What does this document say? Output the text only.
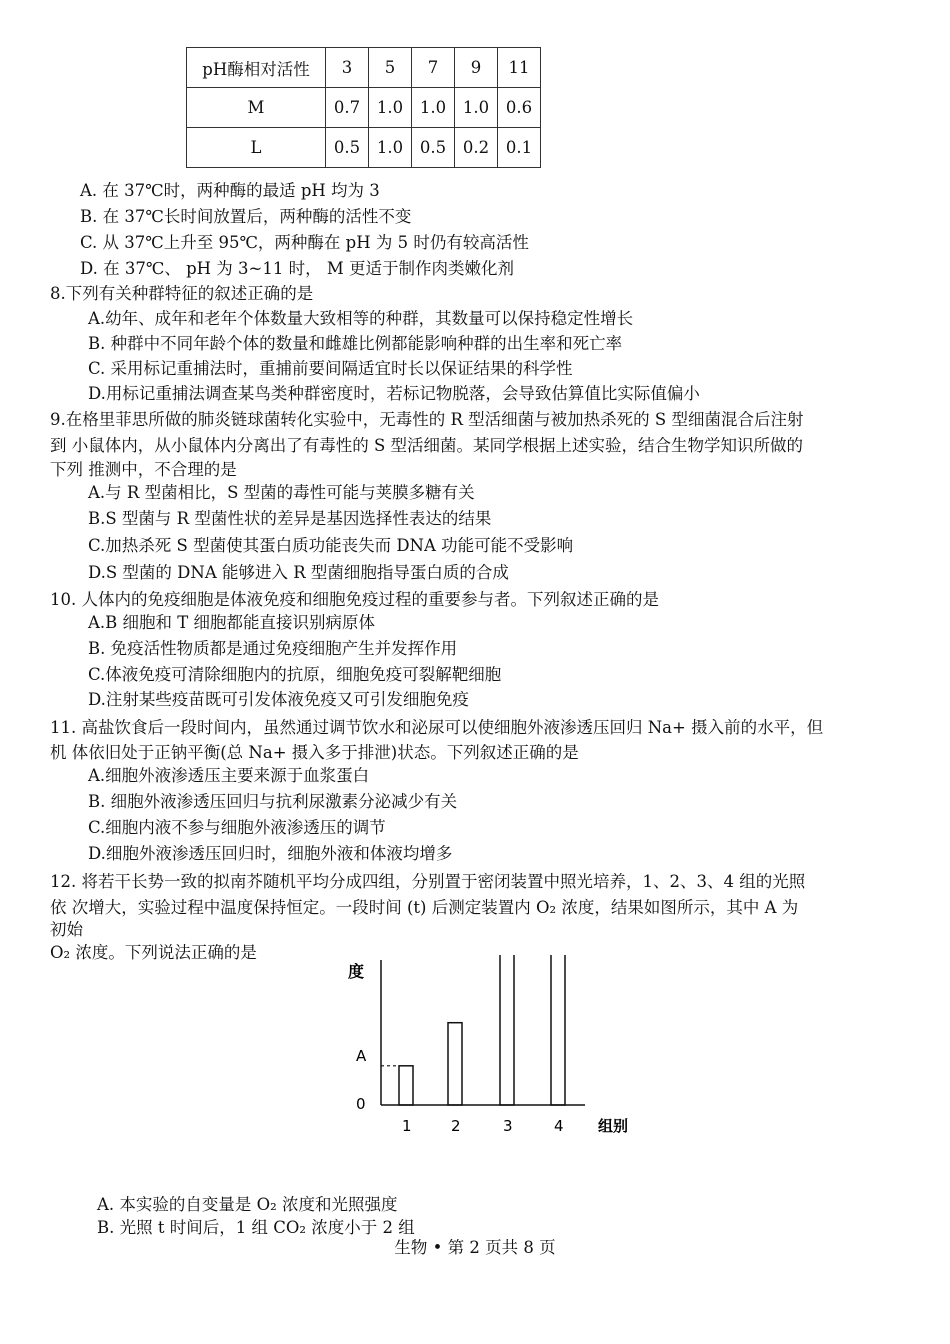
pH酶相对活性	3	5	7	9	11
M	0.7	1.0	1.0	1.0	0.6
L	0.5	1.0	0.5	0.2	0.1
A. 在 37℃时，两种酶的最适 pH 均为 3
B. 在 37℃长时间放置后，两种酶的活性不变
C. 从 37℃上升至 95℃，两种酶在 pH 为 5 时仍有较高活性
D. 在 37℃、 pH 为 3~11 时， M 更适于制作肉类嫩化剂
8.下列有关种群特征的叙述正确的是
A.幼年、成年和老年个体数量大致相等的种群，其数量可以保持稳定性增长
B. 种群中不同年龄个体的数量和雌雄比例都能影响种群的出生率和死亡率
C. 采用标记重捕法时，重捕前要间隔适宜时长以保证结果的科学性
D.用标记重捕法调查某鸟类种群密度时，若标记物脱落，会导致估算值比实际值偏小
9.在格里菲思所做的肺炎链球菌转化实验中，无毒性的 R 型活细菌与被加热杀死的 S 型细菌混合后注射
到 小鼠体内，从小鼠体内分离出了有毒性的 S 型活细菌。某同学根据上述实验，结合生物学知识所做的
下列 推测中，不合理的是
A.与 R 型菌相比，S 型菌的毒性可能与荚膜多糖有关
B.S 型菌与 R 型菌性状的差异是基因选择性表达的结果
C.加热杀死 S 型菌使其蛋白质功能丧失而 DNA 功能可能不受影响
D.S 型菌的 DNA 能够进入 R 型菌细胞指导蛋白质的合成
10. 人体内的免疫细胞是体液免疫和细胞免疫过程的重要参与者。下列叙述正确的是
A.B 细胞和 T 细胞都能直接识别病原体
B. 免疫活性物质都是通过免疫细胞产生并发挥作用
C.体液免疫可清除细胞内的抗原，细胞免疫可裂解靶细胞
D.注射某些疫苗既可引发体液免疫又可引发细胞免疫
11. 高盐饮食后一段时间内，虽然通过调节饮水和泌尿可以使细胞外液渗透压回归 Na+ 摄入前的水平，但
机 体依旧处于正钠平衡(总 Na+ 摄入多于排泄)状态。下列叙述正确的是
A.细胞外液渗透压主要来源于血浆蛋白
B. 细胞外液渗透压回归与抗利尿激素分泌减少有关
C.细胞内液不参与细胞外液渗透压的调节
D.细胞外液渗透压回归时，细胞外液和体液均增多
12. 将若干长势一致的拟南芥随机平均分成四组，分别置于密闭装置中照光培养，1、2、3、4 组的光照
依 次增大，实验过程中温度保持恒定。一段时间 (t) 后测定装置内 O₂ 浓度，结果如图所示，其中 A 为
初始
O₂ 浓度。下列说法正确的是
度
0
A
组别
1	2	3	4
A. 本实验的自变量是 O₂ 浓度和光照强度
B. 光照 t 时间后，1 组 CO₂ 浓度小于 2 组
生物 • 第 2 页共 8 页
